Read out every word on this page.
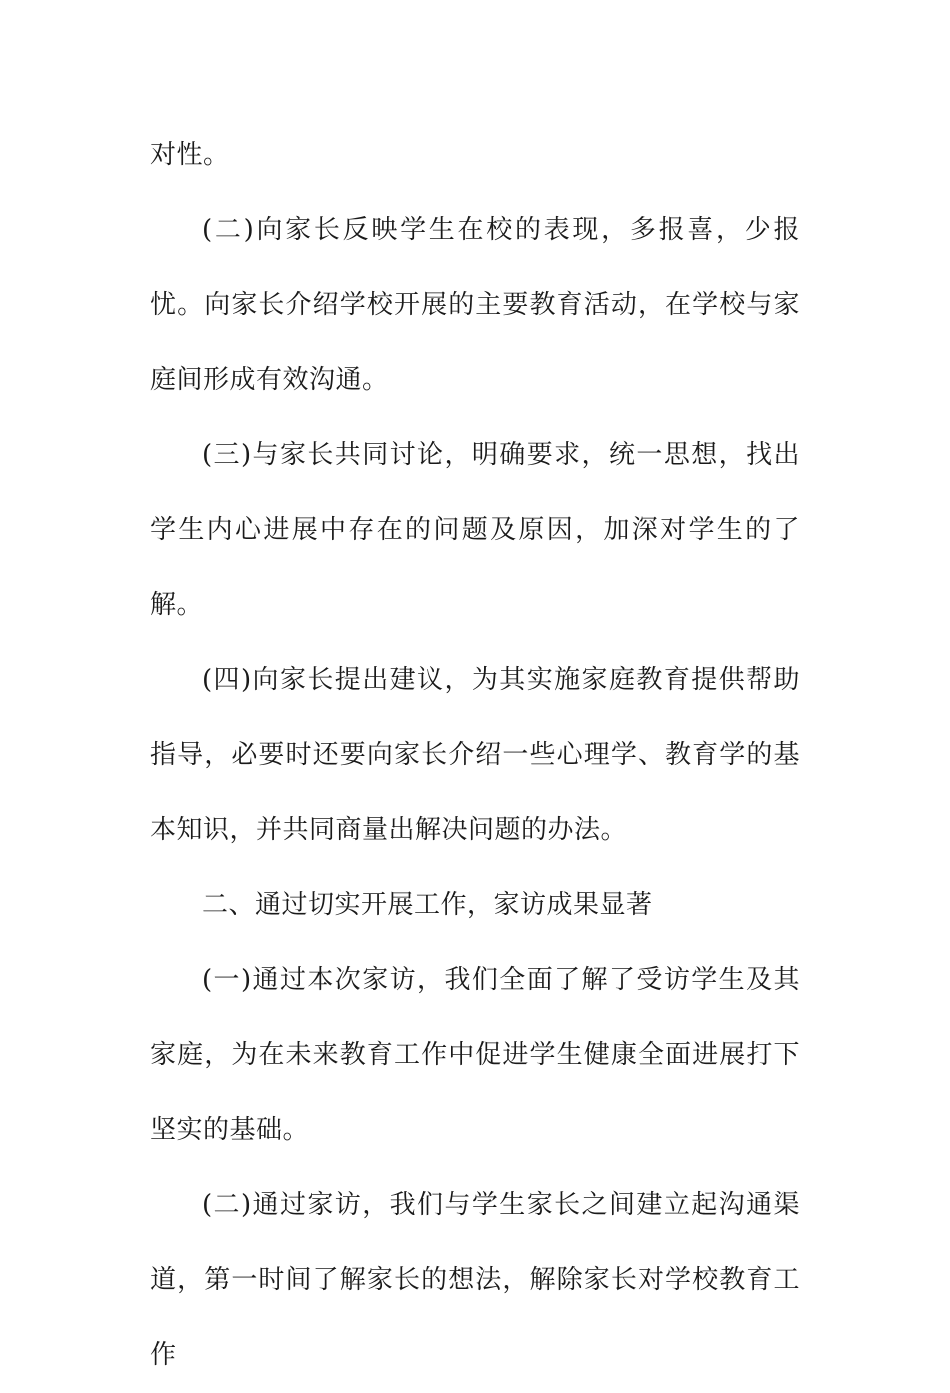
对性。

(二)向家长反映学生在校的表现，多报喜，少报忧。向家长介绍学校开展的主要教育活动，在学校与家庭间形成有效沟通。

(三)与家长共同讨论，明确要求，统一思想，找出学生内心进展中存在的问题及原因，加深对学生的了解。

(四)向家长提出建议，为其实施家庭教育提供帮助指导，必要时还要向家长介绍一些心理学、教育学的基本知识，并共同商量出解决问题的办法。

二、通过切实开展工作，家访成果显著

(一)通过本次家访，我们全面了解了受访学生及其家庭，为在未来教育工作中促进学生健康全面进展打下坚实的基础。

(二)通过家访，我们与学生家长之间建立起沟通渠道，第一时间了解家长的想法，解除家长对学校教育工作
